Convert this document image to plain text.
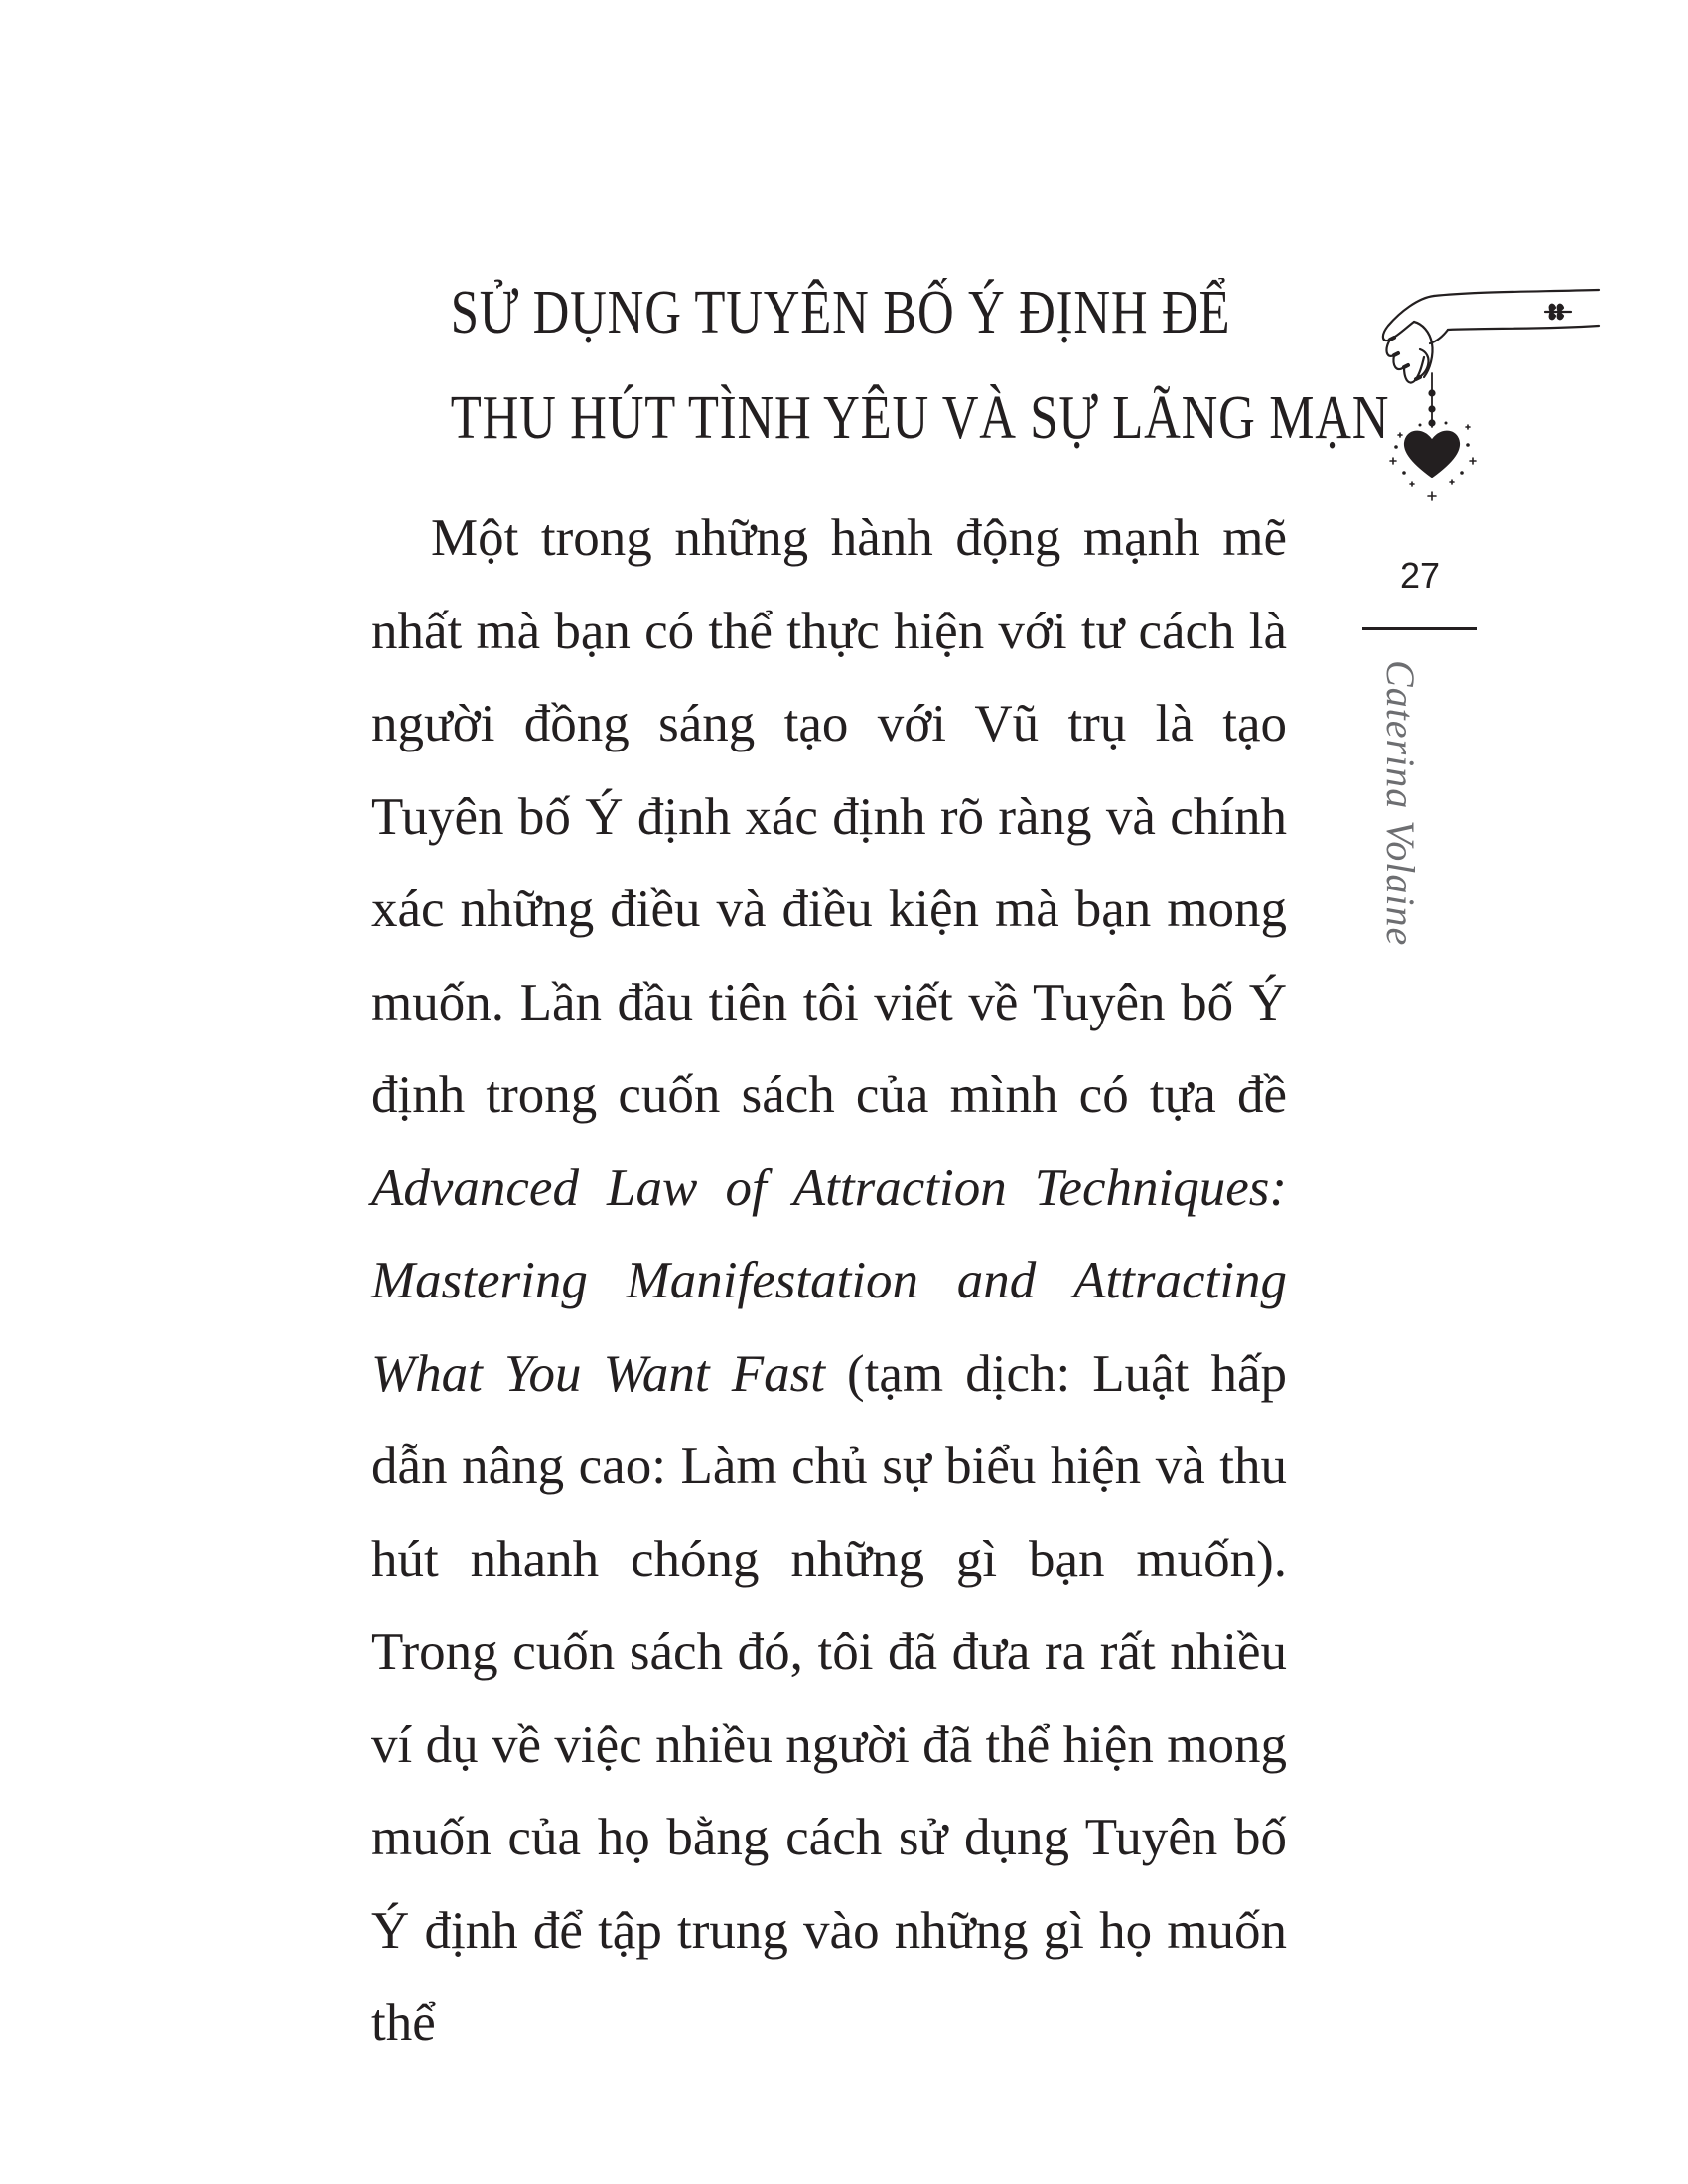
SỬ DỤNG TUYÊN BỐ Ý ĐỊNH ĐỂ
THU HÚT TÌNH YÊU VÀ SỰ LÃNG MẠN

Một trong những hành động mạnh mẽ nhất mà bạn có thể thực hiện với tư cách là người đồng sáng tạo với Vũ trụ là tạo Tuyên bố Ý định xác định rõ ràng và chính xác những điều và điều kiện mà bạn mong muốn. Lần đầu tiên tôi viết về Tuyên bố Ý định trong cuốn sách của mình có tựa đề Advanced Law of Attraction Techniques: Mastering Manifestation and Attracting What You Want Fast (tạm dịch: Luật hấp dẫn nâng cao: Làm chủ sự biểu hiện và thu hút nhanh chóng những gì bạn muốn). Trong cuốn sách đó, tôi đã đưa ra rất nhiều ví dụ về việc nhiều người đã thể hiện mong muốn của họ bằng cách sử dụng Tuyên bố Ý định để tập trung vào những gì họ muốn thể

27
Caterina Volaine
